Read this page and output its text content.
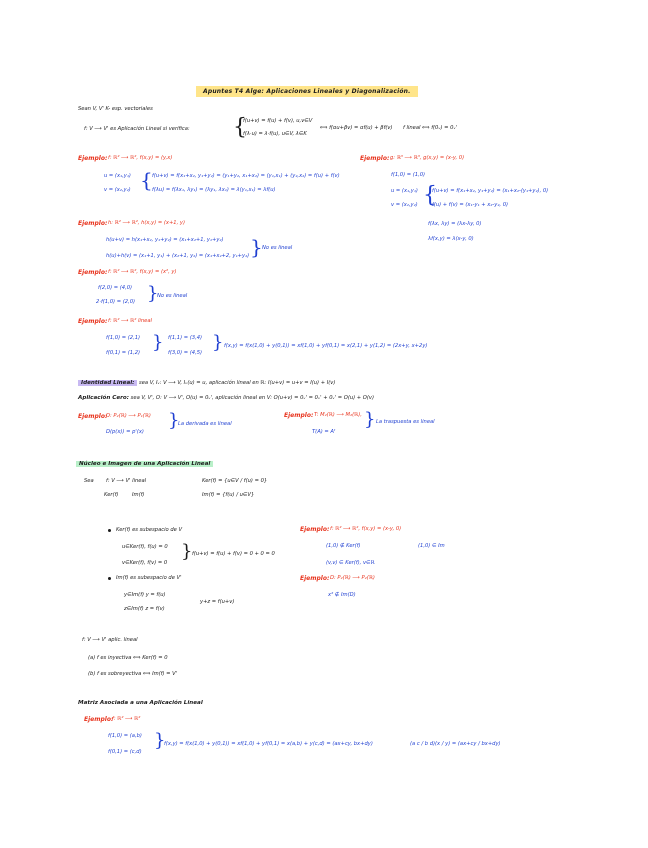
Apuntes T4 Alge: Aplicaciones Lineales y Diagonalización.
Sean V, V' K- esp. vectoriales
f: V ⟶ V' es Aplicación Lineal si verifica: {
f(u+v) = f(u) + f(v), u,v∈V
f(λ·u) = λ·f(u), u∈V, λ∈K
⟺ f(αu+βv) = αf(u) + βf(v) f lineal ⟺ f(0ᵥ) = 0ᵥ'
Ejemplo: f: ℝ² ⟶ ℝ², f(x,y) = (y,x)
u = (x₁,y₁)	f(u+v) = f(x₁+x₂, y₁+y₂) = (y₁+y₂, x₁+x₂) = (y₁,x₁) + (y₂,x₂) = f(u) + f(v)
v = (x₂,y₂)	f(λu) = f(λx₁, λy₁) = (λy₁, λx₁) = λ(y₁,x₁) = λf(u)
{
Ejemplo: g: ℝ³ ⟶ ℝ³, g(x,y) = (x-y, 0)
f(1,0) = (1,0)
u = (x₁,y₁)	f(u+v) = f(x₁+x₂, y₁+y₂) = (x₁+x₂-(y₁+y₂), 0)
v = (x₂,y₂)	f(u) + f(v) = (x₁-y₁ + x₂-y₂, 0)
{
f(λx, λy) = (λx-λy, 0)
λf(x,y) = λ(x-y, 0)
Ejemplo: h: ℝ² ⟶ ℝ², h(x,y) = (x+1, y)
h(u+v) = h(x₁+x₂, y₁+y₂) = (x₁+x₂+1, y₁+y₂)
h(u)+h(v) = (x₁+1, y₁) + (x₂+1, y₂) = (x₁+x₂+2, y₁+y₂) } No es lineal
Ejemplo: f: ℝ² ⟶ ℝ², f(x,y) = (x², y)
f(2,0) = (4,0)
2·f(1,0) = (2,0) }
No es lineal
Ejemplo: f: ℝ² ⟶ ℝ² lineal
f(1,0) = (2,1)
f(0,1) = (1,2) } f(1,1) = (3,4)
f(3,0) = (4,5) } f(x,y) = f(x(1,0) + y(0,1)) = xf(1,0) + yf(0,1) = x(2,1) + y(1,2) = (2x+y, x+2y)
Identidad Lineal: sea V, Iᵥ: V ⟶ V, Iᵥ(u) = u, aplicación lineal en ℝ: I(u+v) = u+v = I(u) + I(v)
Aplicación Cero: sea V, V', O: V ⟶ V', O(u) = 0ᵥ', aplicación lineal en V: O(u+v) = 0ᵥ' = 0ᵥ' + 0ᵥ' = O(u) + O(v)
Ejemplo:
D: P₂(ℝ) ⟶ P₁(ℝ)
D(p(x)) = p'(x)
}
La derivada es lineal
Ejemplo: T: M₂(ℝ) ⟶ M₂(ℝ),
T(A) = Aᵗ
} La traspuesta es lineal
Núcleo e Imagen de una Aplicación Lineal
Sea f: V ⟶ V' lineal
Ker(f)	Im(f)
Ker(f) = {u∈V / f(u) = 0}
Im(f) = {f(u) / u∈V}
Ker(f) es subespacio de V
u∈Ker(f), f(u) = 0
v∈Ker(f), f(v) = 0
} f(u+v) = f(u) + f(v) = 0 + 0 = 0
Im(f) es subespacio de V'
y∈Im(f) y = f(u)
z∈Im(f) z = f(v)
y+z = f(u+v)
Ejemplo: f: ℝ² ⟶ ℝ², f(x,y) = (x-y, 0)
(1,0) ∉ Ker(f)	(1,0) ∈ Im
(v,v) ∈ Ker(f), v∈ℝ
Ejemplo: D: P₂(ℝ) ⟶ P₂(ℝ)
x² ∉ Im(D)
f: V ⟶ V' aplic. lineal
(a) f es inyectiva ⟺ Ker(f) = 0
(b) f es sobreyectiva ⟺ Im(f) = V'
Matriz Asociada a una Aplicación Lineal
Ejemplo:
f: ℝ² ⟶ ℝ²
f(1,0) = (a,b)
f(0,1) = (c,d)
}
f(x,y) = f(x(1,0) + y(0,1)) = xf(1,0) + yf(0,1) = x(a,b) + y(c,d) = (ax+cy, bx+dy)	(a c / b d)(x / y) = (ax+cy / bx+dy)
